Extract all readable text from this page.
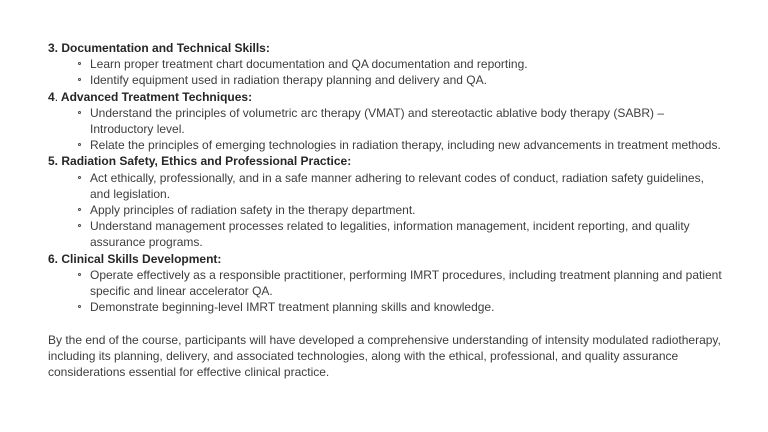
3. Documentation and Technical Skills:
Learn proper treatment chart documentation and QA documentation and reporting.
Identify equipment used in radiation therapy planning and delivery and QA.
4. Advanced Treatment Techniques:
Understand the principles of volumetric arc therapy (VMAT) and stereotactic ablative body therapy (SABR) – Introductory level.
Relate the principles of emerging technologies in radiation therapy, including new advancements in treatment methods.
5. Radiation Safety, Ethics and Professional Practice:
Act ethically, professionally, and in a safe manner adhering to relevant codes of conduct, radiation safety guidelines, and legislation.
Apply principles of radiation safety in the therapy department.
Understand management processes related to legalities, information management, incident reporting, and quality assurance programs.
6. Clinical Skills Development:
Operate effectively as a responsible practitioner, performing IMRT procedures, including treatment planning and patient specific and linear accelerator QA.
Demonstrate beginning-level IMRT treatment planning skills and knowledge.

By the end of the course, participants will have developed a comprehensive understanding of intensity modulated radiotherapy, including its planning, delivery, and associated technologies, along with the ethical, professional, and quality assurance considerations essential for effective clinical practice.
